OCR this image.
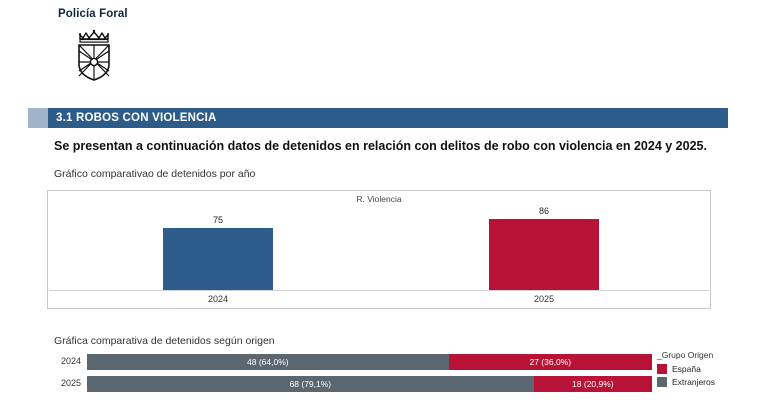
Policía Foral
3.1 ROBOS CON VIOLENCIA
Se presentan a continuación datos de detenidos en relación con delitos de robo con violencia en 2024 y 2025.
Gráfico comparativao de detenidos por año
R. Violencia
75
86
2024	2025
Gráfica comparativa de detenidos según origen
2024	48 (64,0%)	27 (36,0%)
2025	68 (79,1%)	18 (20,9%)
_Grupo Origen
España
Extranjeros
